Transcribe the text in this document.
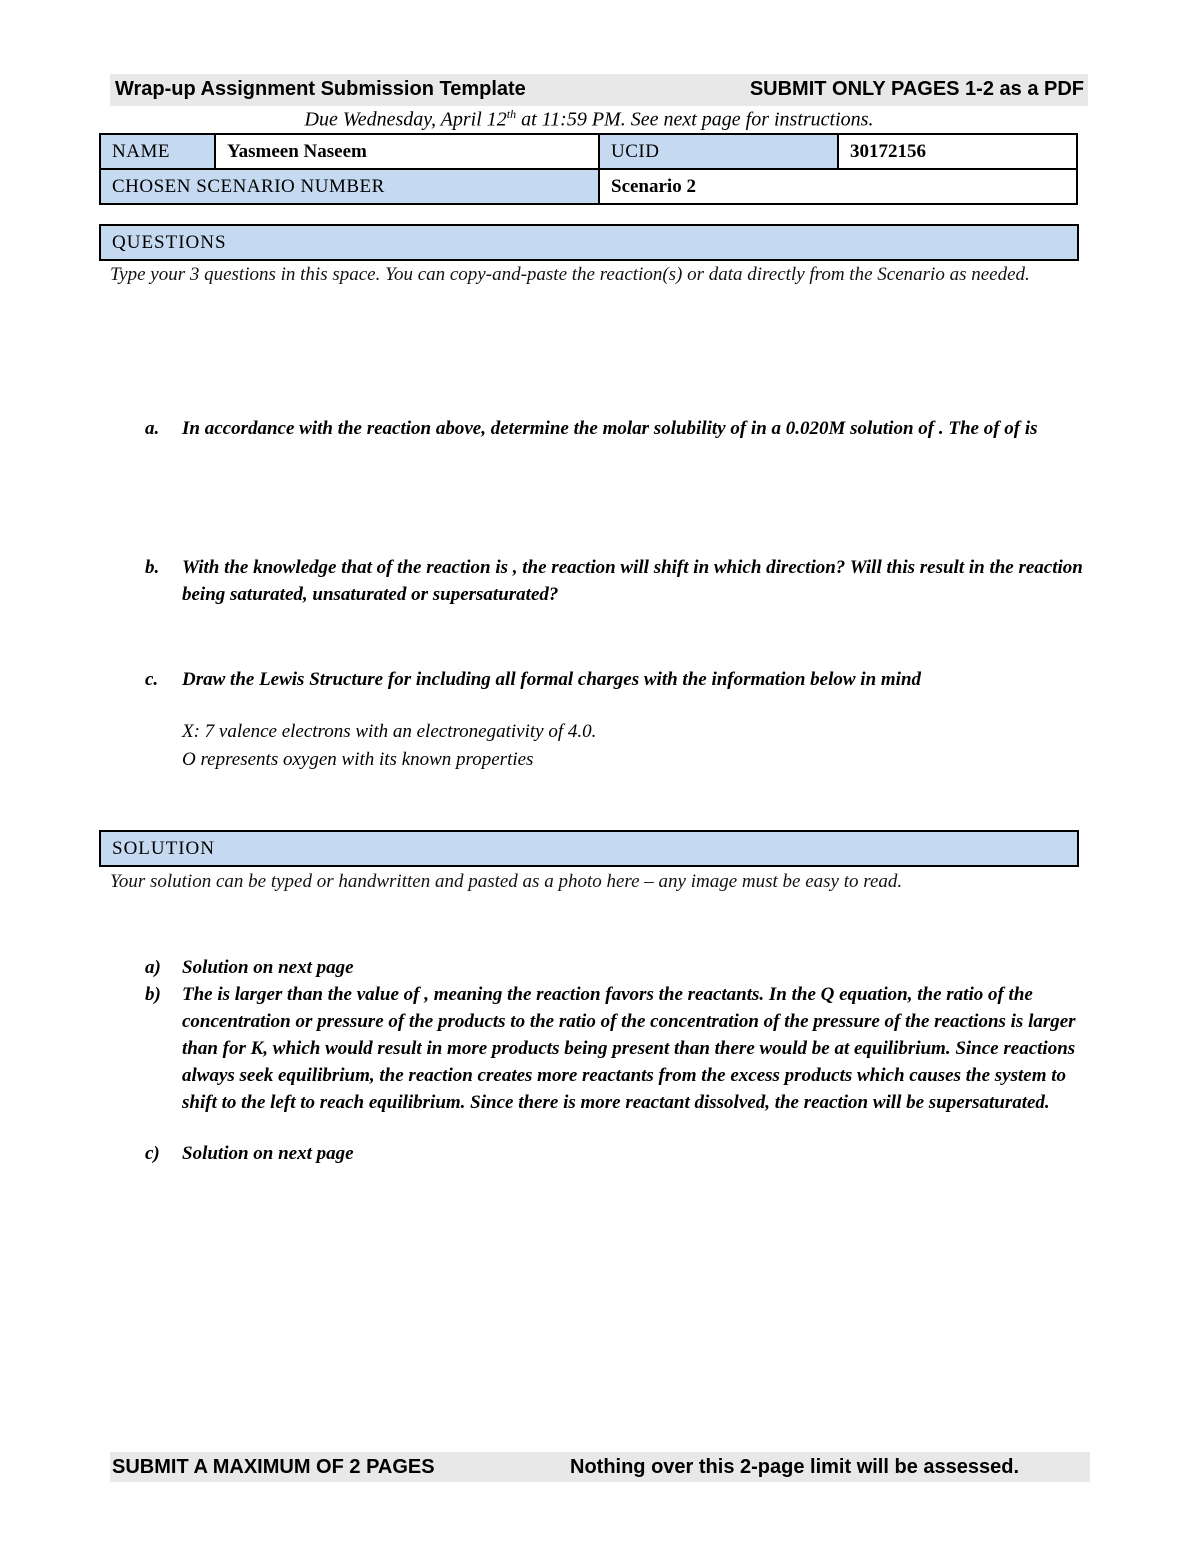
Wrap-up Assignment Submission Template	SUBMIT ONLY PAGES 1-2 as a PDF
Due Wednesday, April 12th at 11:59 PM. See next page for instructions.
NAME	Yasmeen Naseem	UCID	30172156
CHOSEN SCENARIO NUMBER		Scenario 2	
QUESTIONS
Type your 3 questions in this space. You can copy-and-paste the reaction(s) or data directly from the Scenario as needed.
a.	In accordance with the reaction above, determine the molar solubility of in a 0.020M solution of . The of of is
b.	With the knowledge that of the reaction is , the reaction will shift in which direction? Will this result in the reaction being saturated, unsaturated or supersaturated?
c.	Draw the Lewis Structure for including all formal charges with the information below in mind
X: 7 valence electrons with an electronegativity of 4.0.
O represents oxygen with its known properties
SOLUTION
Your solution can be typed or handwritten and pasted as a photo here – any image must be easy to read.
a)	Solution on next page
b)	The is larger than the value of , meaning the reaction favors the reactants. In the Q equation, the ratio of the concentration or pressure of the products to the ratio of the concentration of the pressure of the reactions is larger than for K, which would result in more products being present than there would be at equilibrium. Since reactions always seek equilibrium, the reaction creates more reactants from the excess products which causes the system to shift to the left to reach equilibrium. Since there is more reactant dissolved, the reaction will be supersaturated.
c)	Solution on next page
SUBMIT A MAXIMUM OF 2 PAGES	Nothing over this 2-page limit will be assessed.
